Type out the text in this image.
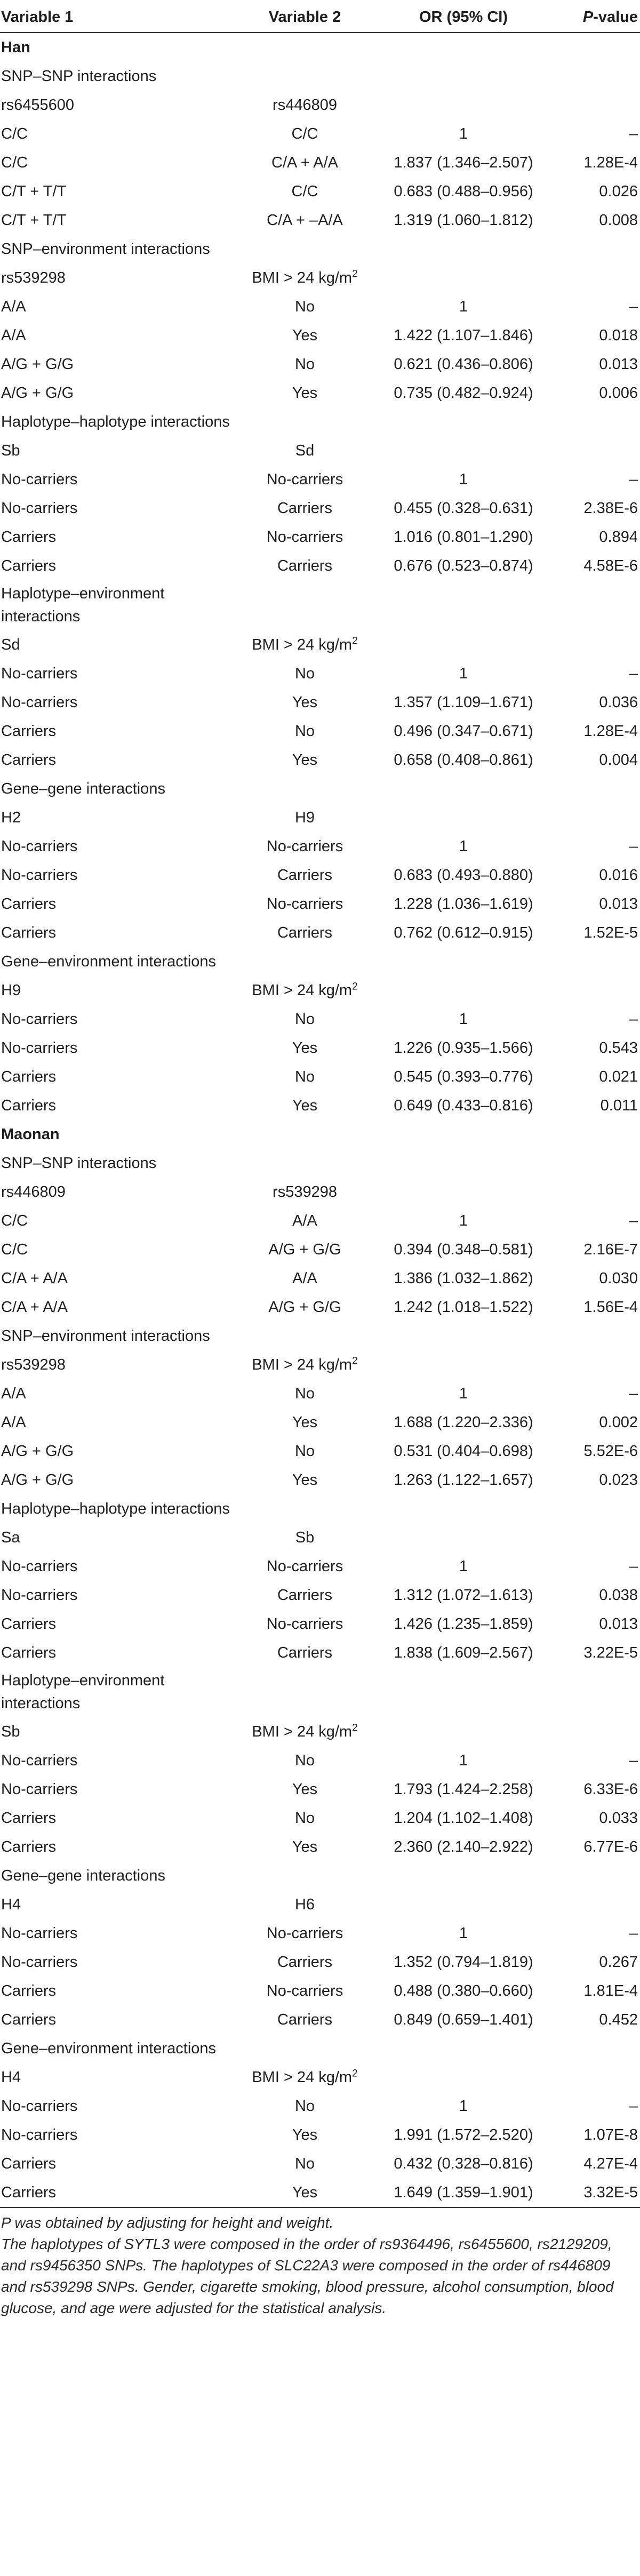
Variable 1	Variable 2	OR (95% CI)	P-value
Han			
SNP–SNP interactions			
rs6455600	rs446809		
C/C	C/C	1	–
C/C	C/A + A/A	1.837 (1.346–2.507)	1.28E-4
C/T + T/T	C/C	0.683 (0.488–0.956)	0.026
C/T + T/T	C/A + –A/A	1.319 (1.060–1.812)	0.008
SNP–environment interactions			
rs539298	BMI > 24 $kg/m^2$		
A/A	No	1	–
A/A	Yes	1.422 (1.107–1.846)	0.018
A/G + G/G	No	0.621 (0.436–0.806)	0.013
A/G + G/G	Yes	0.735 (0.482–0.924)	0.006
Haplotype–haplotype interactions			
Sb	Sd		
No-carriers	No-carriers	1	–
No-carriers	Carriers	0.455 (0.328–0.631)	2.38E-6
Carriers	No-carriers	1.016 (0.801–1.290)	0.894
Carriers	Carriers	0.676 (0.523–0.874)	4.58E-6
Haplotype–environment interactions			
Sd	BMI > 24 $kg/m^2$		
No-carriers	No	1	–
No-carriers	Yes	1.357 (1.109–1.671)	0.036
Carriers	No	0.496 (0.347–0.671)	1.28E-4
Carriers	Yes	0.658 (0.408–0.861)	0.004
Gene–gene interactions			
H2	H9		
No-carriers	No-carriers	1	–
No-carriers	Carriers	0.683 (0.493–0.880)	0.016
Carriers	No-carriers	1.228 (1.036–1.619)	0.013
Carriers	Carriers	0.762 (0.612–0.915)	1.52E-5
Gene–environment interactions			
H9	BMI > 24 $kg/m^2$		
No-carriers	No	1	–
No-carriers	Yes	1.226 (0.935–1.566)	0.543
Carriers	No	0.545 (0.393–0.776)	0.021
Carriers	Yes	0.649 (0.433–0.816)	0.011
Maonan			
SNP–SNP interactions			
rs446809	rs539298		
C/C	A/A	1	–
C/C	A/G + G/G	0.394 (0.348–0.581)	2.16E-7
C/A + A/A	A/A	1.386 (1.032–1.862)	0.030
C/A + A/A	A/G + G/G	1.242 (1.018–1.522)	1.56E-4
SNP–environment interactions			
rs539298	BMI > 24 $kg/m^2$		
A/A	No	1	–
A/A	Yes	1.688 (1.220–2.336)	0.002
A/G + G/G	No	0.531 (0.404–0.698)	5.52E-6
A/G + G/G	Yes	1.263 (1.122–1.657)	0.023
Haplotype–haplotype interactions			
Sa	Sb		
No-carriers	No-carriers	1	–
No-carriers	Carriers	1.312 (1.072–1.613)	0.038
Carriers	No-carriers	1.426 (1.235–1.859)	0.013
Carriers	Carriers	1.838 (1.609–2.567)	3.22E-5
Haplotype–environment interactions			
Sb	BMI > 24 $kg/m^2$		
No-carriers	No	1	–
No-carriers	Yes	1.793 (1.424–2.258)	6.33E-6
Carriers	No	1.204 (1.102–1.408)	0.033
Carriers	Yes	2.360 (2.140–2.922)	6.77E-6
Gene–gene interactions			
H4	H6		
No-carriers	No-carriers	1	–
No-carriers	Carriers	1.352 (0.794–1.819)	0.267
Carriers	No-carriers	0.488 (0.380–0.660)	1.81E-4
Carriers	Carriers	0.849 (0.659–1.401)	0.452
Gene–environment interactions			
H4	BMI > 24 $kg/m^2$		
No-carriers	No	1	–
No-carriers	Yes	1.991 (1.572–2.520)	1.07E-8
Carriers	No	0.432 (0.328–0.816)	4.27E-4
Carriers	Yes	1.649 (1.359–1.901)	3.32E-5

P was obtained by adjusting for height and weight.

The haplotypes of SYTL3 were composed in the order of rs9364496, rs6455600, rs2129209, and rs9456350 SNPs. The haplotypes of SLC22A3 were composed in the order of rs446809 and rs539298 SNPs. Gender, cigarette smoking, blood pressure, alcohol consumption, blood glucose, and age were adjusted for the statistical analysis.
